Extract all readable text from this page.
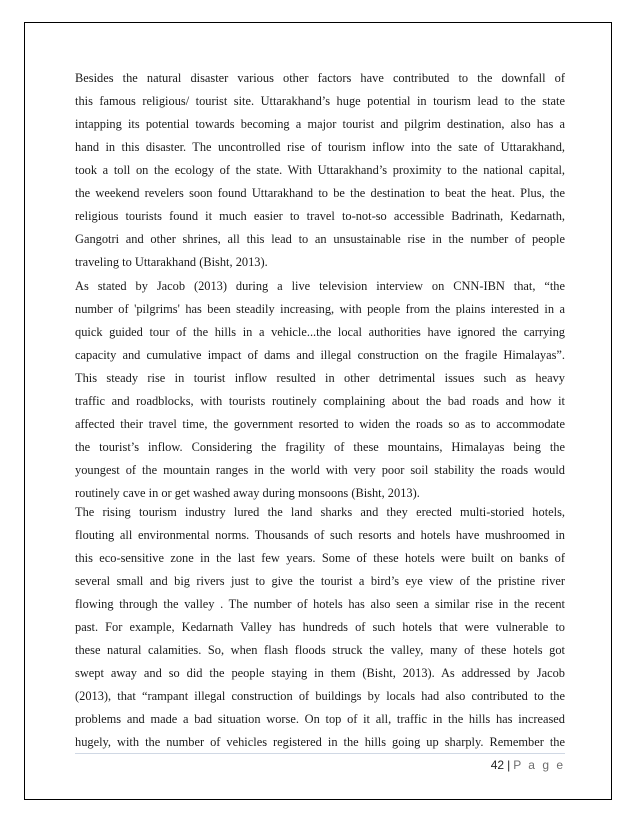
Besides the natural disaster various other factors have contributed to the downfall of
this famous religious/ tourist site. Uttarakhand’s huge potential in tourism lead to the state
intapping its potential towards becoming a major tourist and pilgrim destination, also has a
hand in this disaster. The uncontrolled rise of tourism inflow into the sate of Uttarakhand,
took a toll on the ecology of the state. With Uttarakhand’s proximity to the national capital,
the weekend revelers soon found Uttarakhand to be the destination to beat the heat. Plus, the
religious tourists found it much easier to travel to-not-so accessible Badrinath, Kedarnath,
Gangotri and other shrines, all this lead to an unsustainable rise in the number of people
traveling to Uttarakhand (Bisht, 2013).
As stated by Jacob (2013) during a live television interview on CNN-IBN that, “the
number of 'pilgrims' has been steadily increasing, with people from the plains interested in a
quick guided tour of the hills in a vehicle...the local authorities have ignored the carrying
capacity and cumulative impact of dams and illegal construction on the fragile Himalayas”.
This steady rise in tourist inflow resulted in other detrimental issues such as heavy
traffic and roadblocks, with tourists routinely complaining about the bad roads and how it
affected their travel time, the government resorted to widen the roads so as to accommodate
the tourist’s inflow. Considering the fragility of these mountains, Himalayas being the
youngest of the mountain ranges in the world with very poor soil stability the roads would
routinely cave in or get washed away during monsoons (Bisht, 2013).
The rising tourism industry lured the land sharks and they erected multi-storied hotels,
flouting all environmental norms. Thousands of such resorts and hotels have mushroomed in
this eco-sensitive zone in the last few years. Some of these hotels were built on banks of
several small and big rivers just to give the tourist a bird’s eye view of the pristine river
flowing through the valley . The number of hotels has also seen a similar rise in the recent
past. For example, Kedarnath Valley has hundreds of such hotels that were vulnerable to
these natural calamities. So, when flash floods struck the valley, many of these hotels got
swept away and so did the people staying in them (Bisht, 2013). As addressed by Jacob
(2013), that “rampant illegal construction of buildings by locals had also contributed to the
problems and made a bad situation worse. On top of it all, traffic in the hills has increased
hugely, with the number of vehicles registered in the hills going up sharply. Remember the
42 | P a g e
